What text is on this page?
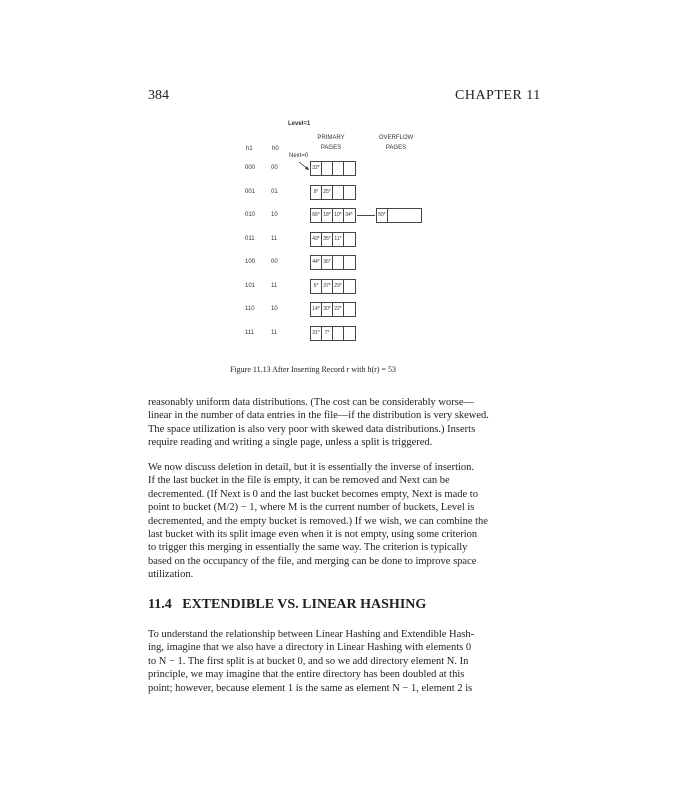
384	CHAPTER 11
Level=1
PRIMARY
PAGES
OVERFLOW
PAGES
h1	h0
Next=0
000	00	32*
001	01	9* 25*
010	10	66* 18* 10* 34*	50*
011	11	43* 35* 11*
100	00	44* 36*
101	11	5* 37* 29*
110	10	14* 30* 22*
111	11	31* 7*
Figure 11.13 After Inserting Record r with h(r) = 53
reasonably uniform data distributions. (The cost can be considerably worse—
linear in the number of data entries in the file—if the distribution is very skewed.
The space utilization is also very poor with skewed data distributions.) Inserts
require reading and writing a single page, unless a split is triggered.
We now discuss deletion in detail, but it is essentially the inverse of insertion.
If the last bucket in the file is empty, it can be removed and Next can be
decremented. (If Next is 0 and the last bucket becomes empty, Next is made to
point to bucket (M/2) − 1, where M is the current number of buckets, Level is
decremented, and the empty bucket is removed.) If we wish, we can combine the
last bucket with its split image even when it is not empty, using some criterion
to trigger this merging in essentially the same way. The criterion is typically
based on the occupancy of the file, and merging can be done to improve space
utilization.
11.4 EXTENDIBLE VS. LINEAR HASHING
To understand the relationship between Linear Hashing and Extendible Hash-
ing, imagine that we also have a directory in Linear Hashing with elements 0
to N − 1. The first split is at bucket 0, and so we add directory element N. In
principle, we may imagine that the entire directory has been doubled at this
point; however, because element 1 is the same as element N − 1, element 2 is
